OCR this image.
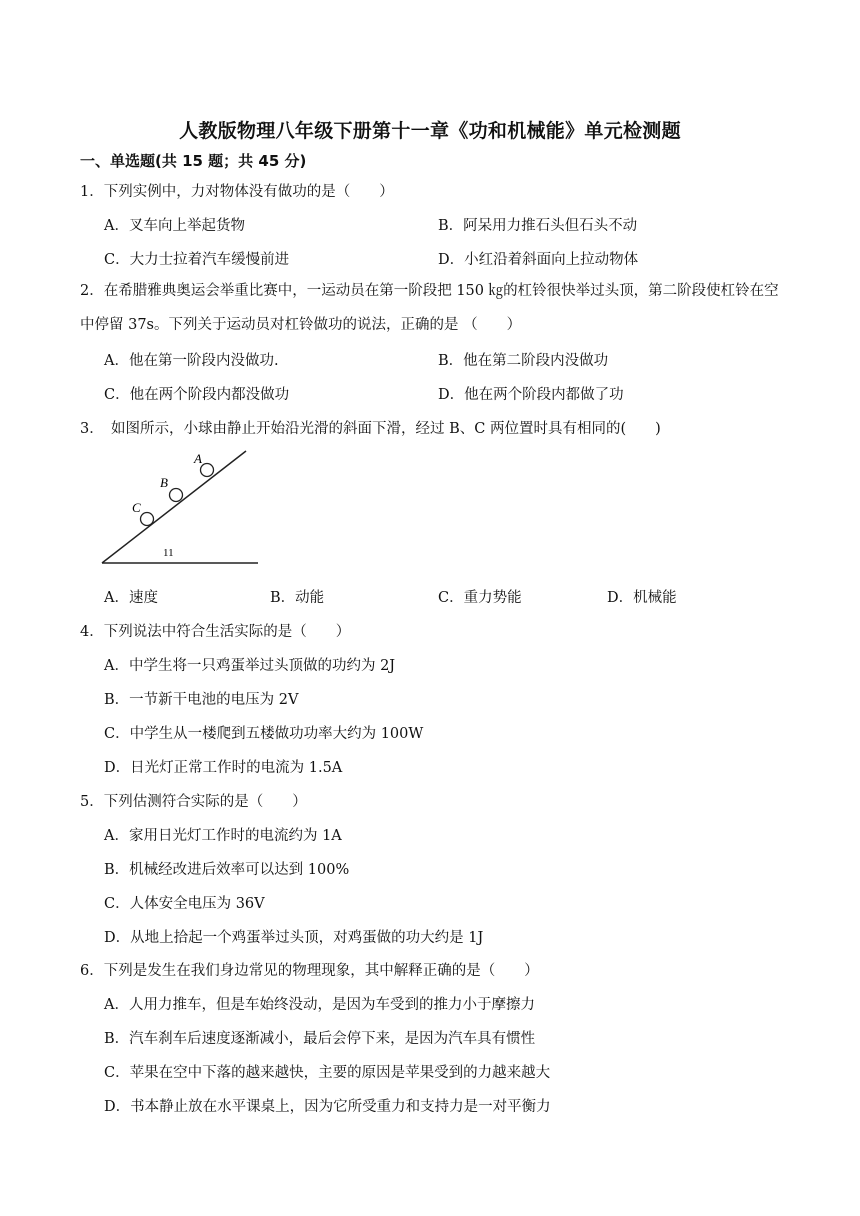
人教版物理八年级下册第十一章《功和机械能》单元检测题
一、单选题(共 15 题；共 45 分)
1．下列实例中，力对物体没有做功的是（　　）
A．叉车向上举起货物	B．阿呆用力推石头但石头不动
C．大力士拉着汽车缓慢前进	D．小红沿着斜面向上拉动物体
2．在希腊雅典奥运会举重比赛中，一运动员在第一阶段把 150 ㎏的杠铃很快举过头顶，第二阶段使杠铃在空中停留 37s。下列关于运动员对杠铃做功的说法，正确的是 （　　）
A．他在第一阶段内没做功.	B．他在第二阶段内没做功
C．他在两个阶段内都没做功	D．他在两个阶段内都做了功
3．　如图所示，小球由静止开始沿光滑的斜面下滑，经过 B、C 两位置时具有相同的(　　)
A
B
C
11
A．速度	B．动能	C．重力势能	D．机械能
4．下列说法中符合生活实际的是（　　）
A．中学生将一只鸡蛋举过头顶做的功约为 2J
B．一节新干电池的电压为 2V
C．中学生从一楼爬到五楼做功功率大约为 100W
D．日光灯正常工作时的电流为 1.5A
5．下列估测符合实际的是（　　）
A．家用日光灯工作时的电流约为 1A
B．机械经改进后效率可以达到 100%
C．人体安全电压为 36V
D．从地上拾起一个鸡蛋举过头顶，对鸡蛋做的功大约是 1J
6．下列是发生在我们身边常见的物理现象，其中解释正确的是（　　）
A．人用力推车，但是车始终没动，是因为车受到的推力小于摩擦力
B．汽车刹车后速度逐渐减小，最后会停下来，是因为汽车具有惯性
C．苹果在空中下落的越来越快，主要的原因是苹果受到的力越来越大
D．书本静止放在水平课桌上，因为它所受重力和支持力是一对平衡力
